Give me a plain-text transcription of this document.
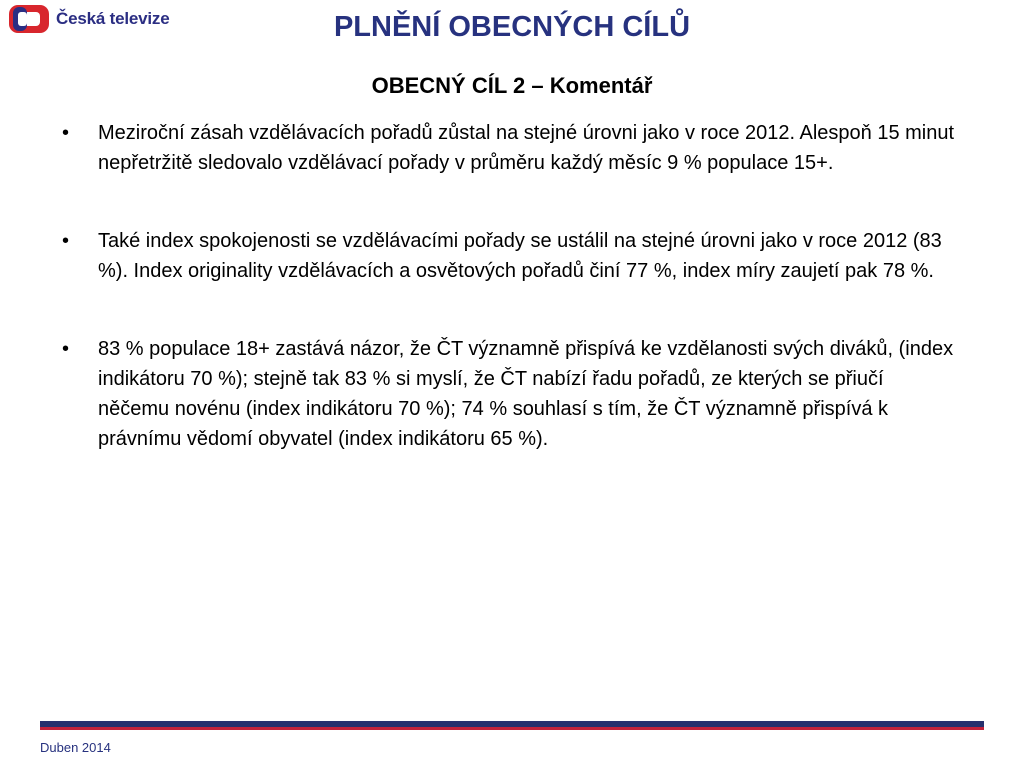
Česká televize	PLNĚNÍ OBECNÝCH CÍLŮ
OBECNÝ CÍL 2 – Komentář
• Meziroční zásah vzdělávacích pořadů zůstal na stejné úrovni jako v roce 2012. Alespoň 15 minut nepřetržitě sledovalo vzdělávací pořady v průměru každý měsíc 9 % populace 15+.
• Také index spokojenosti se vzdělávacími pořady se ustálil na stejné úrovni jako v roce 2012 (83 %). Index originality vzdělávacích a osvětových pořadů činí 77 %, index míry zaujetí pak 78 %.
• 83 % populace 18+ zastává názor, že ČT významně přispívá ke vzdělanosti svých diváků, (index indikátoru 70 %); stejně tak 83 % si myslí, že ČT nabízí řadu pořadů, ze kterých se přiučí něčemu novénu (index indikátoru 70 %); 74 % souhlasí s tím, že ČT významně přispívá k právnímu vědomí obyvatel (index indikátoru 65 %).
Duben 2014
